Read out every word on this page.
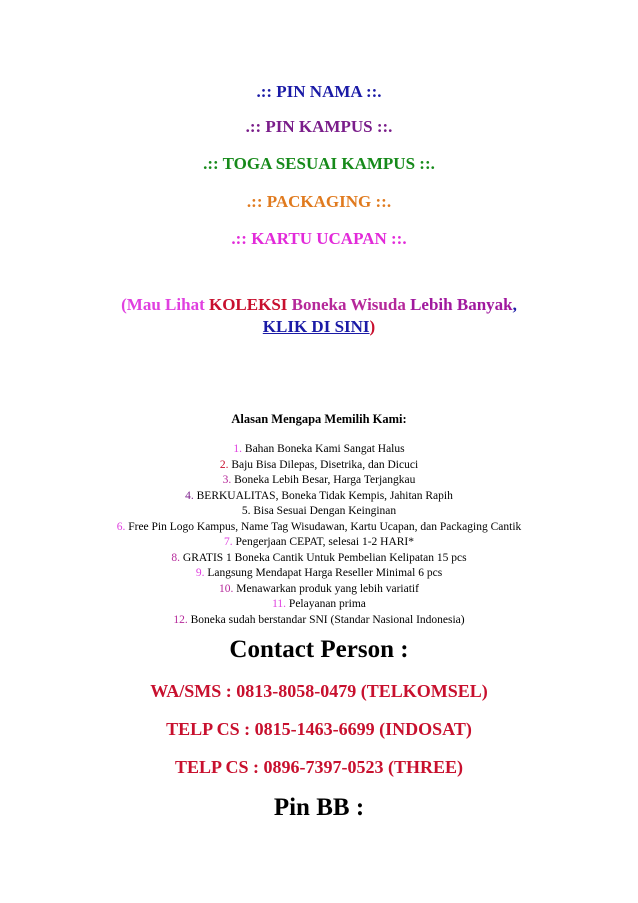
.:: PIN NAMA ::.
.:: PIN KAMPUS ::.
.:: TOGA SESUAI KAMPUS ::.
.:: PACKAGING ::.
.:: KARTU UCAPAN ::.
(Mau Lihat KOLEKSI Boneka Wisuda Lebih Banyak,
KLIK DI SINI)
Alasan Mengapa Memilih Kami:
1. Bahan Boneka Kami Sangat Halus
2. Baju Bisa Dilepas, Disetrika, dan Dicuci
3. Boneka Lebih Besar, Harga Terjangkau
4. BERKUALITAS, Boneka Tidak Kempis, Jahitan Rapih
5. Bisa Sesuai Dengan Keinginan
6. Free Pin Logo Kampus, Name Tag Wisudawan, Kartu Ucapan, dan Packaging Cantik
7. Pengerjaan CEPAT, selesai 1-2 HARI*
8. GRATIS 1 Boneka Cantik Untuk Pembelian Kelipatan 15 pcs
9. Langsung Mendapat Harga Reseller Minimal 6 pcs
10. Menawarkan produk yang lebih variatif
11. Pelayanan prima
12. Boneka sudah berstandar SNI (Standar Nasional Indonesia)
Contact Person :
WA/SMS : 0813-8058-0479 (TELKOMSEL)
TELP CS : 0815-1463-6699 (INDOSAT)
TELP CS : 0896-7397-0523 (THREE)
Pin BB :
